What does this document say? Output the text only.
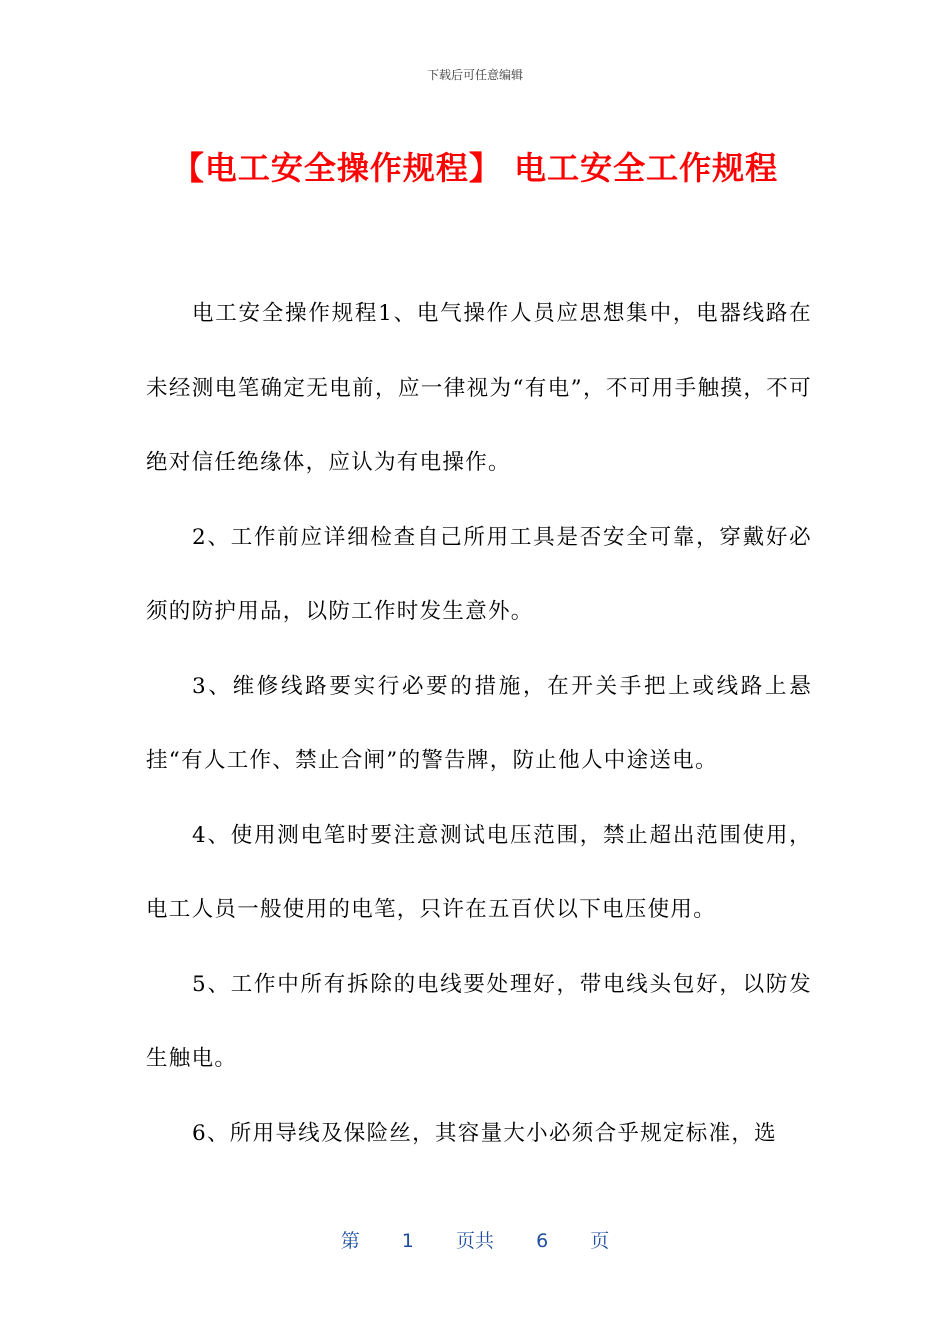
下载后可任意编辑
【电工安全操作规程】 电工安全工作规程

电工安全操作规程1、电气操作人员应思想集中，电器线路在未经测电笔确定无电前，应一律视为“有电”，不可用手触摸，不可绝对信任绝缘体，应认为有电操作。

2、工作前应详细检查自己所用工具是否安全可靠，穿戴好必须的防护用品，以防工作时发生意外。

3、维修线路要实行必要的措施，在开关手把上或线路上悬挂“有人工作、禁止合闸”的警告牌，防止他人中途送电。

4、使用测电笔时要注意测试电压范围，禁止超出范围使用，电工人员一般使用的电笔，只许在五百伏以下电压使用。

5、工作中所有拆除的电线要处理好，带电线头包好，以防发生触电。

6、所用导线及保险丝，其容量大小必须合乎规定标准，选

第 1 页共 6 页
